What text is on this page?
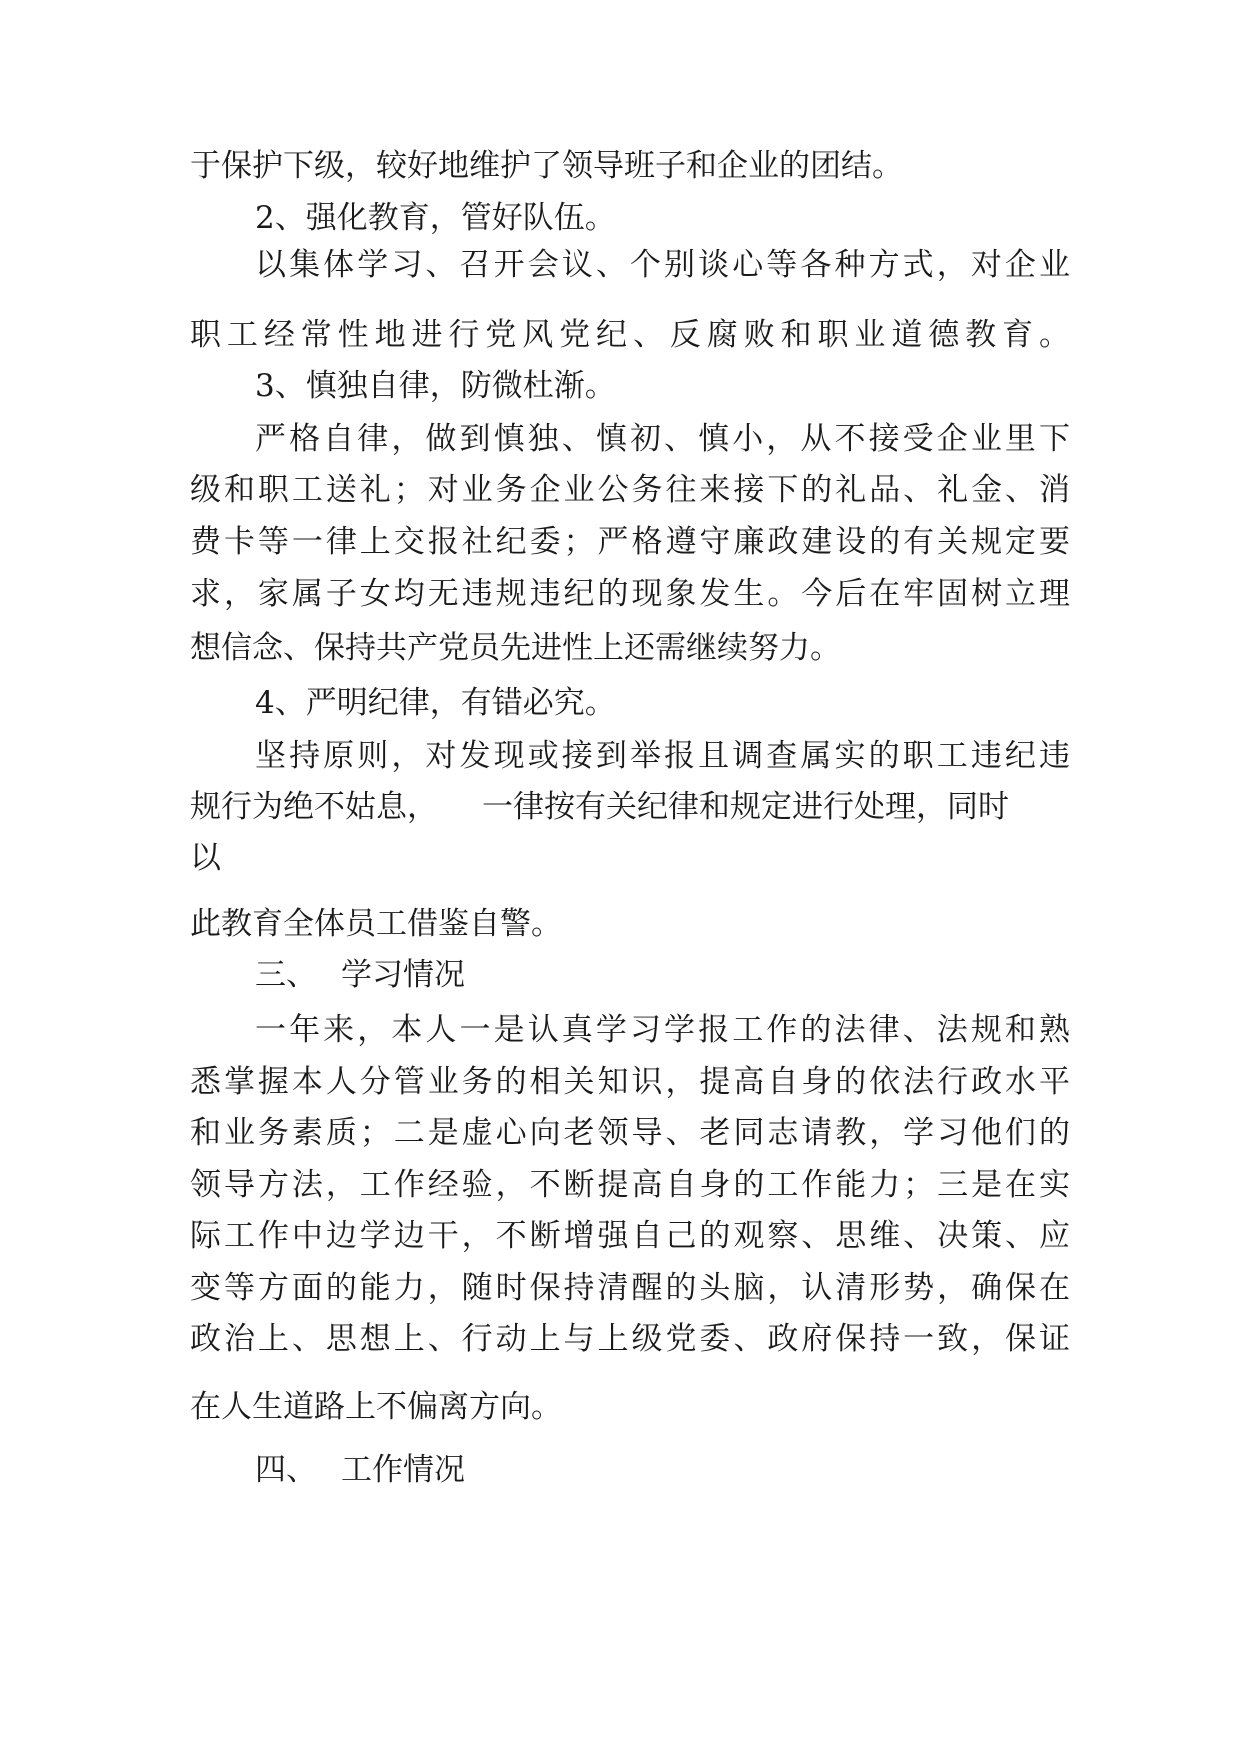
于保护下级，较好地维护了领导班子和企业的团结。

2、强化教育，管好队伍。

以集体学习、召开会议、个别谈心等各种方式，对企业

职工经常性地进行党风党纪、反腐败和职业道德教育。

3、慎独自律，防微杜渐。

严格自律，做到慎独、慎初、慎小，从不接受企业里下

级和职工送礼；对业务企业公务往来接下的礼品、礼金、消

费卡等一律上交报社纪委；严格遵守廉政建设的有关规定要

求，家属子女均无违规违纪的现象发生。今后在牢固树立理

想信念、保持共产党员先进性上还需继续努力。

4、严明纪律，有错必究。

坚持原则，对发现或接到举报且调查属实的职工违纪违

规行为绝不姑息， 一律按有关纪律和规定进行处理，同时

以

此教育全体员工借鉴自警。

三、 学习情况

一年来，本人一是认真学习学报工作的法律、法规和熟

悉掌握本人分管业务的相关知识，提高自身的依法行政水平

和业务素质；二是虚心向老领导、老同志请教，学习他们的

领导方法，工作经验，不断提高自身的工作能力；三是在实

际工作中边学边干，不断增强自己的观察、思维、决策、应

变等方面的能力，随时保持清醒的头脑，认清形势，确保在

政治上、思想上、行动上与上级党委、政府保持一致，保证

在人生道路上不偏离方向。

四、 工作情况
